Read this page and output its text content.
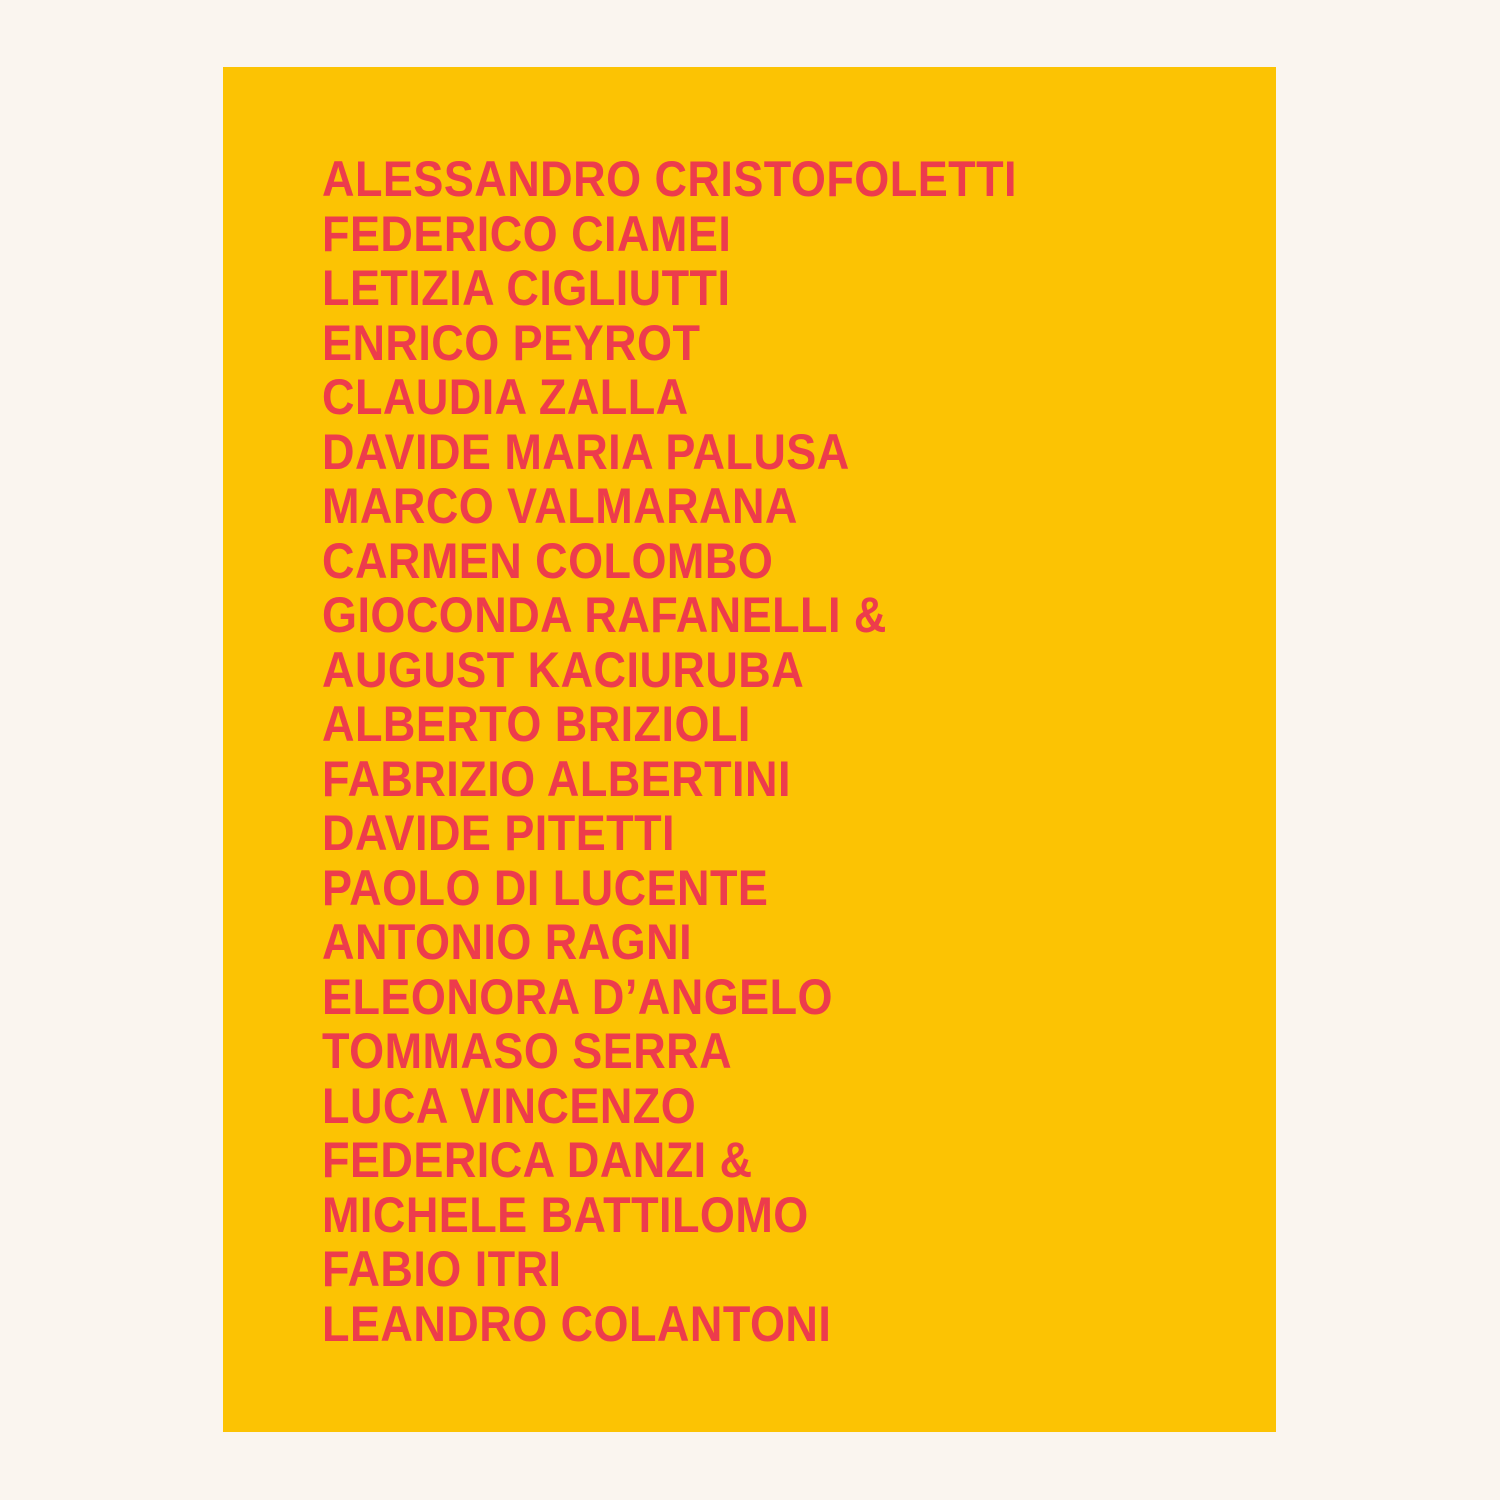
ALESSANDRO CRISTOFOLETTI
FEDERICO CIAMEI
LETIZIA CIGLIUTTI
ENRICO PEYROT
CLAUDIA ZALLA
DAVIDE MARIA PALUSA
MARCO VALMARANA
CARMEN COLOMBO
GIOCONDA RAFANELLI &
AUGUST KACIURUBA
ALBERTO BRIZIOLI
FABRIZIO ALBERTINI
DAVIDE PITETTI
PAOLO DI LUCENTE
ANTONIO RAGNI
ELEONORA D’ANGELO
TOMMASO SERRA
LUCA VINCENZO
FEDERICA DANZI &
MICHELE BATTILOMO
FABIO ITRI
LEANDRO COLANTONI
